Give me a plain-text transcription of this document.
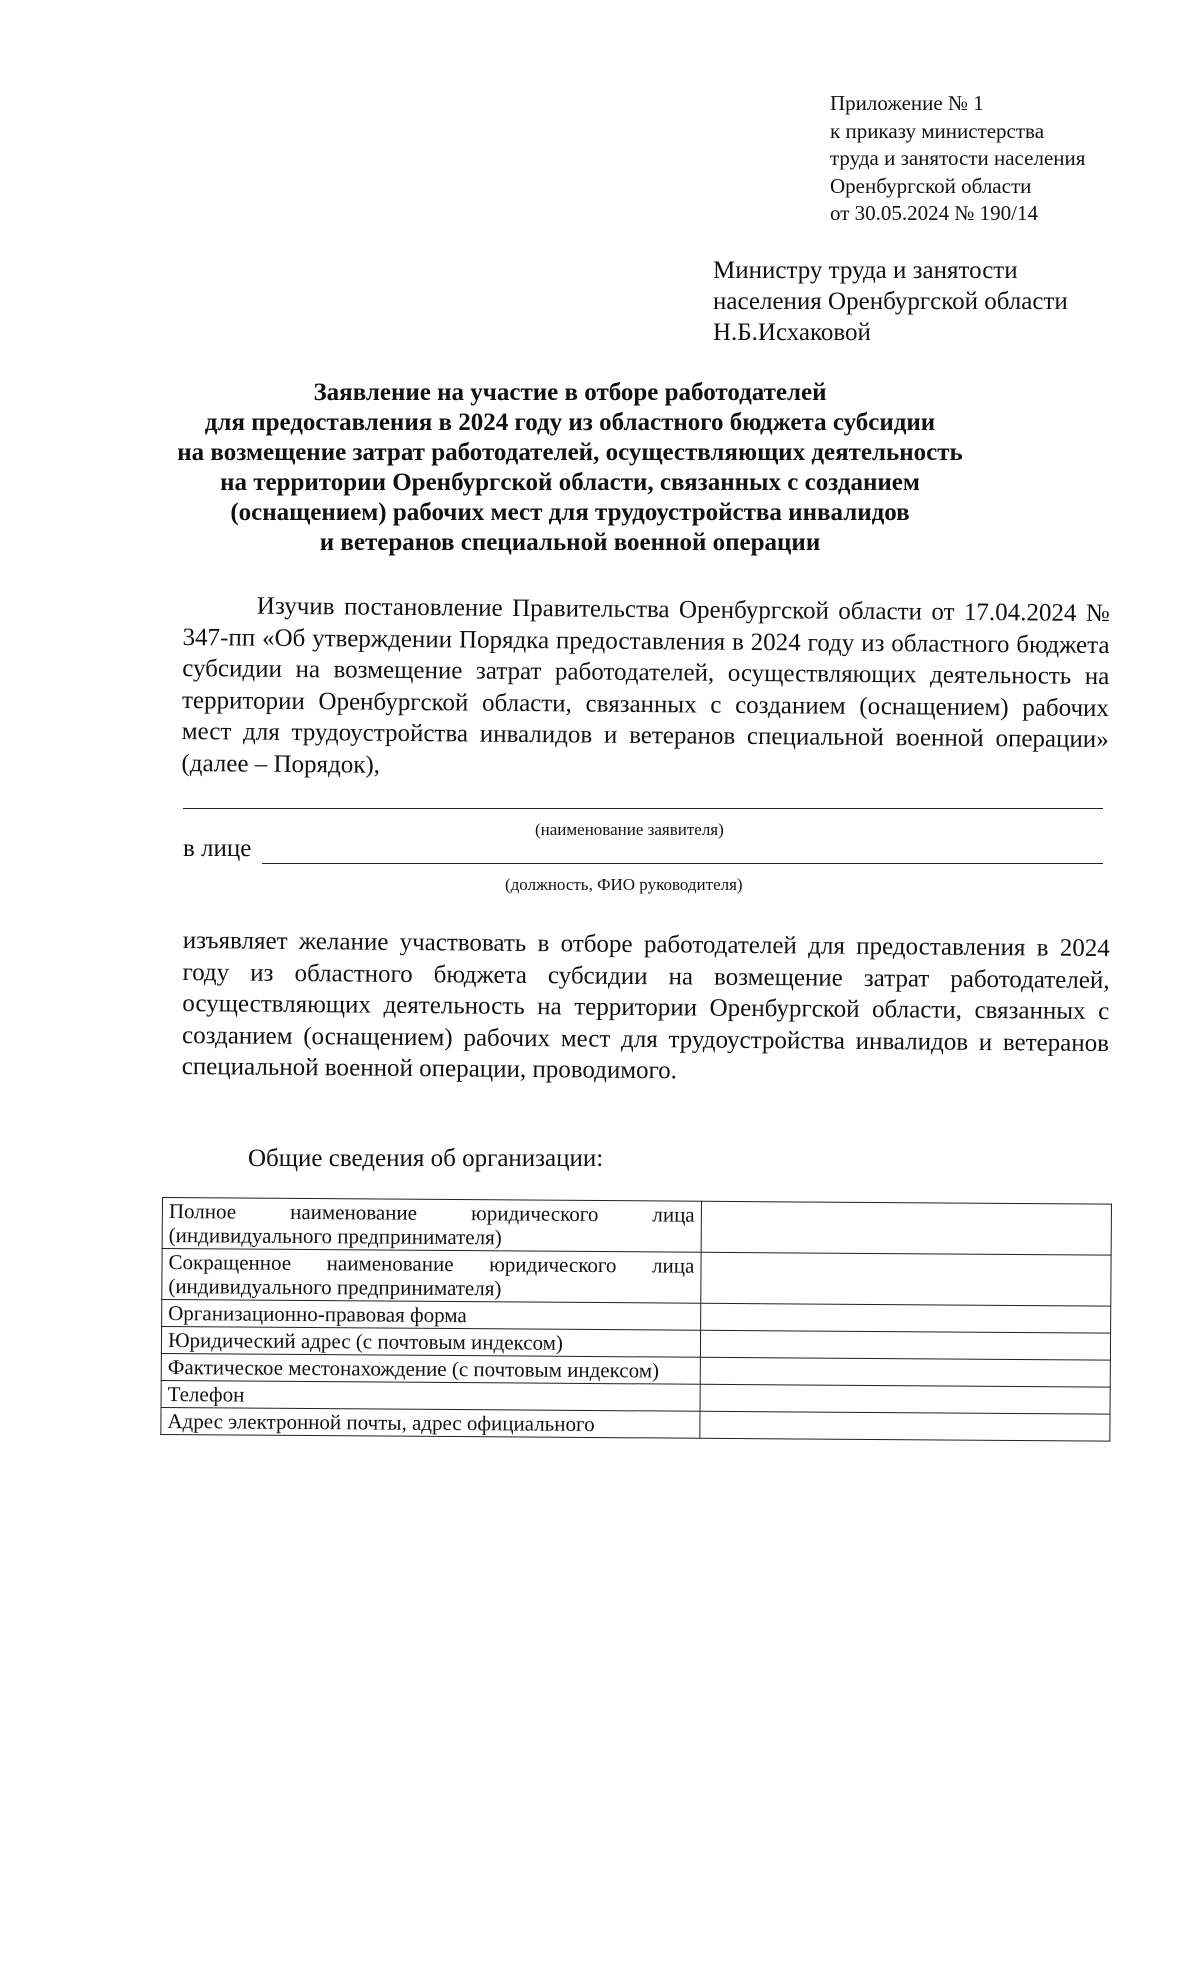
Приложение № 1
к приказу министерства
труда и занятости населения
Оренбургской области
от 30.05.2024 № 190/14
Министру труда и занятости
населения Оренбургской области
Н.Б.Исхаковой
Заявление на участие в отборе работодателей
для предоставления в 2024 году из областного бюджета субсидии
на возмещение затрат работодателей, осуществляющих деятельность
на территории Оренбургской области, связанных с созданием
(оснащением) рабочих мест для трудоустройства инвалидов
и ветеранов специальной военной операции
Изучив постановление Правительства Оренбургской области от 17.04.2024 № 347-пп «Об утверждении Порядка предоставления в 2024 году из областного бюджета субсидии на возмещение затрат работодателей, осуществляющих деятельность на территории Оренбургской области, связанных с созданием (оснащением) рабочих мест для трудоустройства инвалидов и ветеранов специальной военной операции» (далее – Порядок),
(наименование заявителя)
в лице
(должность, ФИО руководителя)
изъявляет желание участвовать в отборе работодателей для предоставления в 2024 году из областного бюджета субсидии на возмещение затрат работодателей, осуществляющих деятельность на территории Оренбургской области, связанных с созданием (оснащением) рабочих мест для трудоустройства инвалидов и ветеранов специальной военной операции, проводимого.
Общие сведения об организации:
Полное наименование юридического лица (индивидуального предпринимателя)	
Сокращенное наименование юридического лица (индивидуального предпринимателя)	
Организационно-правовая форма	
Юридический адрес (с почтовым индексом)	
Фактическое местонахождение (с почтовым индексом)	
Телефон	
Адрес электронной почты, адрес официального	
